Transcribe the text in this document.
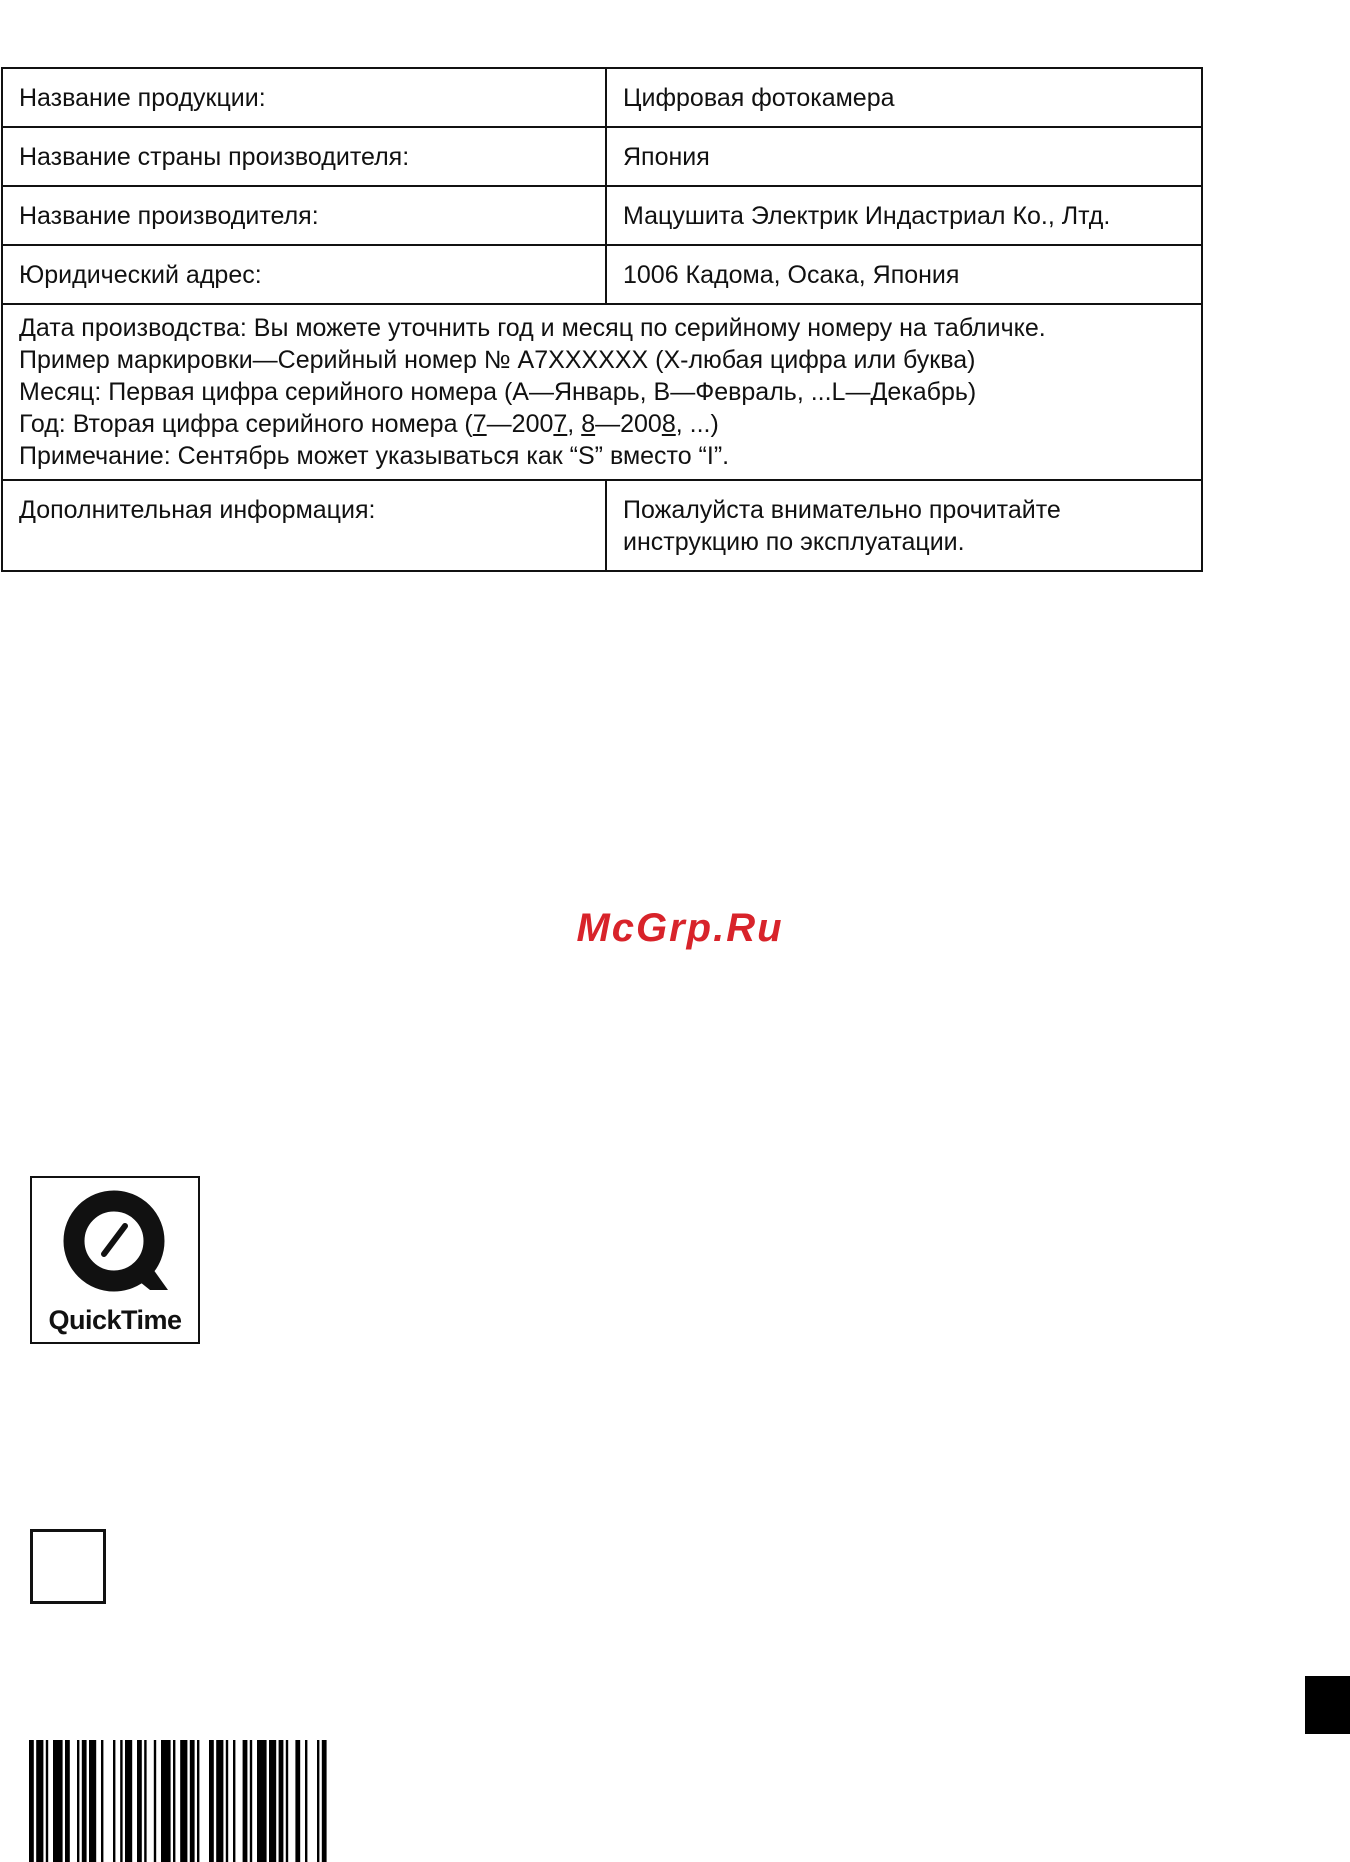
Название продукции:	Цифровая фотокамера
Название страны производителя:	Япония
Название производителя:	Мацушита Электрик Индастриал Ко., Лтд.
Юридический адрес:	1006 Кадома, Осака, Япония

Дата производства: Вы можете уточнить год и месяц по серийному номеру на табличке.
Пример маркировки—Серийный номер № A7XXXXXX (X-любая цифра или буква)
Месяц: Первая цифра серийного номера (A—Январь, B—Февраль, ...L—Декабрь)
Год: Вторая цифра серийного номера (7—2007, 8—2008, ...)
Примечание: Сентябрь может указываться как “S” вместо “I”.	

Дополнительная информация:	Пожалуйста внимательно прочитайте
инструкцию по эксплуатации.
McGrp.Ru
QuickTime
